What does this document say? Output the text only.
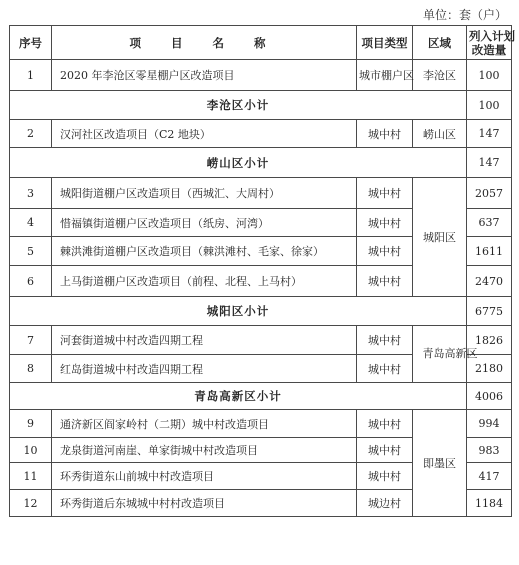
单位：套（户）
序号	项 目 名 称	项目类型	区域	列入计划
改造量
1	2020 年李沧区零星棚户区改造项目	城市棚户区	李沧区	100
李沧区小计				100
2	汉河社区改造项目（C2 地块）	城中村	崂山区	147
崂山区小计				147
3	城阳街道棚户区改造项目（西城汇、大周村）	城中村	城阳区	2057
4	惜福镇街道棚户区改造项目（纸房、河湾）	城中村		637
5	棘洪滩街道棚户区改造项目（棘洪滩村、毛家、徐家）	城中村		1611
6	上马街道棚户区改造项目（前程、北程、上马村）	城中村		2470
城阳区小计				6775
7	河套街道城中村改造四期工程	城中村	青岛高新区	1826
8	红岛街道城中村改造四期工程	城中村		2180
青岛高新区小计				4006
9	通济新区阎家岭村（二期）城中村改造项目	城中村	即墨区	994
10	龙泉街道河南崖、单家街城中村改造项目	城中村		983
11	环秀街道东山前城中村改造项目	城中村		417
12	环秀街道后东城城中村村改造项目	城边村		1184
